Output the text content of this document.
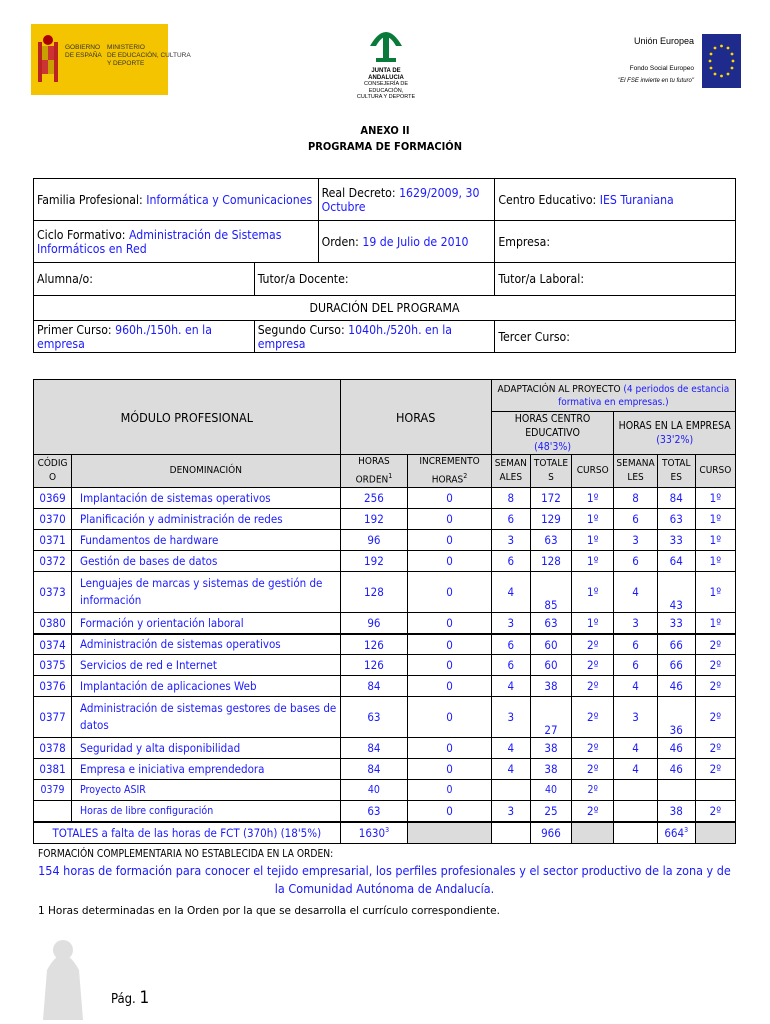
GOBIERNO
DE ESPAÑA
MINISTERIO
DE EDUCACIÓN, CULTURA
Y DEPORTE
JUNTA DE ANDALUCIA
CONSEJERÍA DE EDUCACIÓN,
CULTURA Y DEPORTE
Unión Europea
Fondo Social Europeo
"El FSE invierte en tu futuro"
ANEXO II
PROGRAMA DE FORMACIÓN
Familia Profesional: Informática y Comunicaciones		Real Decreto: 1629/2009, 30 Octubre	Centro Educativo: IES Turaniana
Ciclo Formativo: Administración de Sistemas Informáticos en Red		Orden: 19 de Julio de 2010	Empresa:
Alumna/o:	Tutor/a Docente:		Tutor/a Laboral:
DURACIÓN DEL PROGRAMA			
Primer Curso: 960h./150h. en la empresa	Segundo Curso: 1040h./520h. en la empresa		Tercer Curso:
MÓDULO PROFESIONAL		HORAS		ADAPTACIÓN AL PROYECTO (4 periodos de estancia formativa en empresas.)					
				HORAS CENTRO EDUCATIVO
(48'3%)			HORAS EN LA EMPRESA
(33'2%)		
CÓDIGO	DENOMINACIÓN	HORAS ORDEN$^1$	INCREMENTO HORAS$^2$	SEMANALES	TOTALES	CURSO	SEMANALES	TOTALES	CURSO
0369	Implantación de sistemas operativos	256	0	8	172	1º	8	84	1º
0370	Planificación y administración de redes	192	0	6	129	1º	6	63	1º
0371	Fundamentos de hardware	96	0	3	63	1º	3	33	1º
0372	Gestión de bases de datos	192	0	6	128	1º	6	64	1º
0373	Lenguajes de marcas y sistemas de gestión de información	128	0	4	85	1º	4	43	1º
0380	Formación y orientación laboral	96	0	3	63	1º	3	33	1º
0374	Administración de sistemas operativos	126	0	6	60	2º	6	66	2º
0375	Servicios de red e Internet	126	0	6	60	2º	6	66	2º
0376	Implantación de aplicaciones Web	84	0	4	38	2º	4	46	2º
0377	Administración de sistemas gestores de bases de datos	63	0	3	27	2º	3	36	2º
0378	Seguridad y alta disponibilidad	84	0	4	38	2º	4	46	2º
0381	Empresa e iniciativa emprendedora	84	0	4	38	2º	4	46	2º
0379	Proyecto ASIR	40	0		40	2º			
	Horas de libre configuración	63	0	3	25	2º		38	2º
TOTALES a falta de las horas de FCT (370h) (18'5%)		1630$^3$			966			$664^3$	
FORMACIÓN COMPLEMENTARIA NO ESTABLECIDA EN LA ORDEN:
154 horas de formación para conocer el tejido empresarial, los perfiles profesionales y el sector productivo de la zona y de la Comunidad Autónoma de Andalucía.
1 Horas determinadas en la Orden por la que se desarrolla el currículo correspondiente.
Pág. 1
